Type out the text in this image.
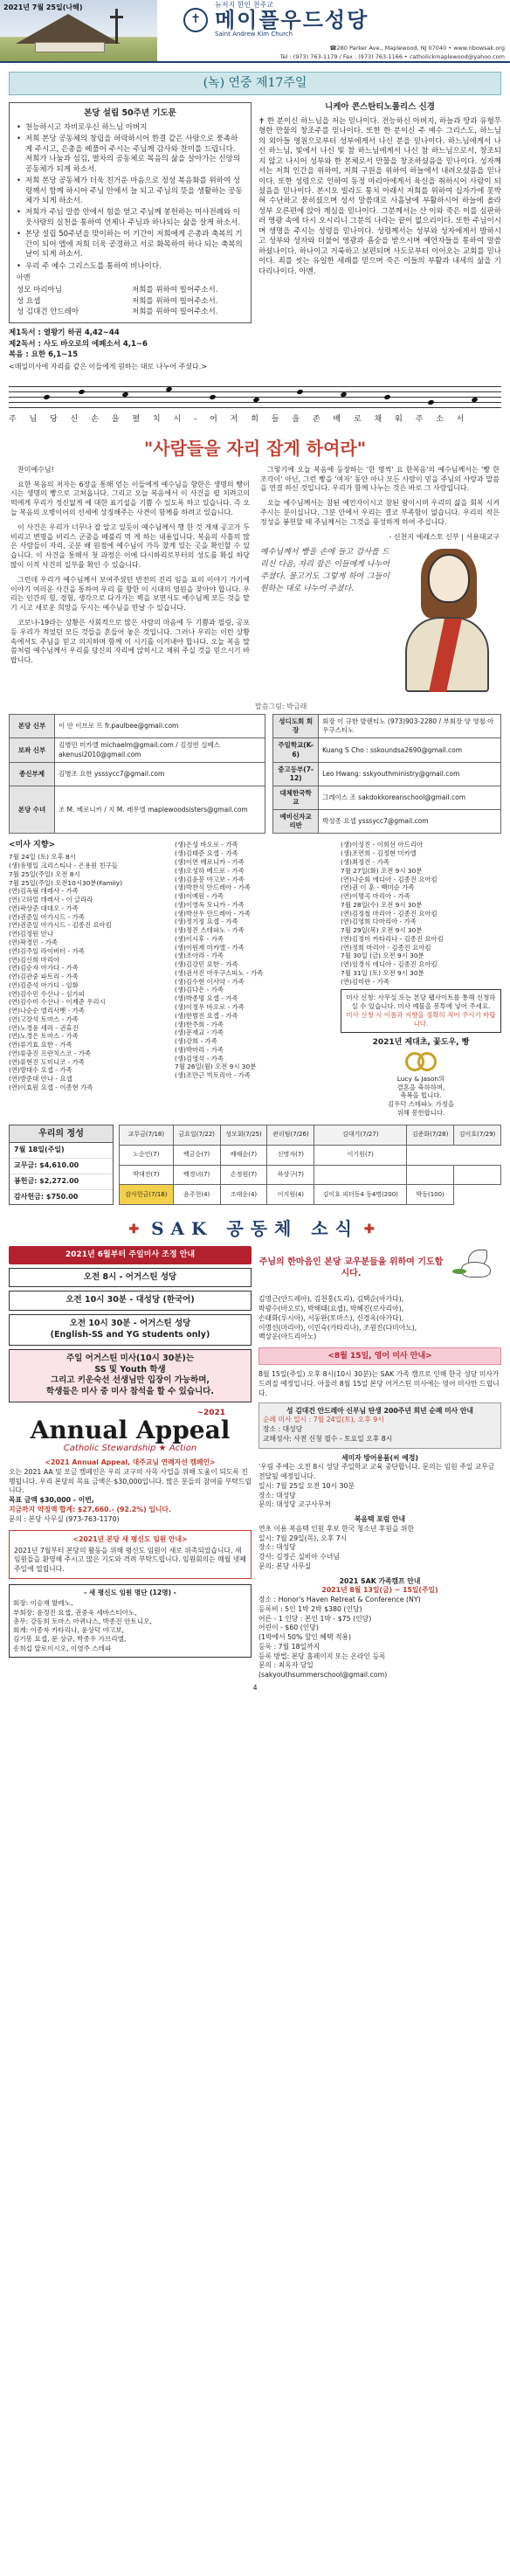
2021년 7월 25일(나해)
✝
뉴저지 한인 천주교
메이플우드성당
Saint Andrew Kim Church
☎280 Parker Ave., Maplewood, NJ 07040 • www.nbowsak.org
Tel : (973) 763-1179 / Fax : (973) 763-1166 • catholickmaplewood@yahoo.com
(녹) 연중 제17주일
본당 설립 50주년 기도문
• 천능하시고 자비로우신 하느님 아버지
• 저희 본당 공동체의 창립을 허락하시어 한결 같은 사랑으로 풍족하게 주시고, 은총을 베풀어 주시는 주님께 감사와 찬미를 드립니다. 저희가 나눔과 섬김, 열차의 공동체로 복음의 삶을 살아가는 신앙의 공동체가 되게 하소서.
• 저희 본당 공동체가 더욱 친거운 마음으로 정성 복음화를 위하여 성령께서 함께 하시어 주님 안에서 늘 되고 주님의 뜻을 생활하는 공동체가 되게 하소서.
• 저희가 주님 말씀 안에서 힘을 얻고 주님께 봉헌하는 미사전례와 이웃사랑의 실천을 통하여 언제나 주님과 하나되는 삶을 살게 하소서.
• 본당 설립 50주년을 맞이하는 이 기간이 저희에게 은총과 축복의 기간이 되어 앱에 저희 더욱 공경하고 서로 화목하여 하나 되는 축복의 날이 되게 하소서.
• 우리 주 예수 그리스도를 통하여 비나이다.
아멘
성모 마리아님	저희를 위하여 빌어주소서.
성 요셉	저희를 위하여 빌어주소서.
성 김대건 안드레아	저희를 위하여 빌어주소서.
제1독서 : 열왕기 하권 4,42~44
제2독서 : 사도 바오로의 에페소서 4,1~6
복음 : 요한 6,1~15
<매일미사에 자리를 같은 이들에게 원하는 대로 나누어 주셨다.>
니케아 콘스탄티노폴리스 신경
✝ 한 분이신 하느님을 저는 믿나이다. 전능하신 아버지, 하늘과 땅과 유형무형한 만물의 창조주를 믿나이다. 또한 한 분이신 주 예수 그리스도, 하느님의 외아들 영원으로부터 성부에게서 나신 분을 믿나이다. 하느님에게서 나신 하느님, 빛에서 나신 빛 참 하느님에게서 나신 참 하느님으로서, 창조되지 않고 나시어 성부와 한 본체로서 만물을 창조하셨음을 믿나이다. 성자께서는 저희 인간을 위하여, 저희 구원을 위하여 하늘에서 내려오셨음을 믿나이다. 또한 성령으로 인하여 동정 마리아에게서 육신을 취하시어 사람이 되셨음을 믿나이다. 본시오 빌라도 통치 아래서 저희를 위하여 십자가에 못박혀 수난하고 묻히셨으며 성서 말씀대로 사흘날에 부활하시어 하늘에 올라 성부 오른편에 앉아 계심을 믿나이다. 그분께서는 산 이와 죽은 이를 심판하러 영광 속에 다시 오시리니 그분의 나라는 끝이 없으리이다. 또한 주님이시며 생명을 주시는 성령을 믿나이다. 성령께서는 성부와 성자에게서 발하시고 성부와 성자와 더불어 영광과 흠숭을 받으시며 예언자들을 통하여 말씀하셨나이다. 하나이고 거룩하고 보편되며 사도로부터 이어오는 교회를 믿나이다. 죄를 씻는 유일한 세례를 믿으며 죽은 이들의 부활과 내세의 삶을 기다리나이다. 아멘.
주 님 당 신 손 을 펼 치 시 - 어 저 희 들 을 존 배 로 채 워 주 소 서
"사람들을 자리 잡게 하여라"

찬미예수님!

요한 복음의 저자는 6장을 통해 얻는 이들에게 예수님을 향한은 생명의 빵이시는 생명의 빵으로 고쳐옵니다. 그리고 오늘 복음에서 이 사건을 펼 치려고의 떡에게 무리가 정신없게 예 대한 표기설을 기쁨 수 있도록 하고 있습니다. 즉 오늘 복음의 오병이어의 선세에 상징해주는 사견이 함께를 하려고 있습니다.

이 사건은 우리가 너무나 잘 알고 있듯이 예수님께서 행 한 것 게채 공고가 두 비리고 변명을 비리스 군중을 배불리 먹 게 하는 내용입니다. 복음의 사흘의 많은 사람들이 자리, 곳분 배 원점에 예수님이 가득 찼계 있는 곳을 확인할 수 있습니다. 이 사건을 통해서 첫 과정은 이에 다시하리로부터의 성도를 확실 하당 많이 이적 사건의 일부를 확인 수 있습니다.

그런데 우리가 예수님께서 보여주셨던 반전의 진리 임을 표의 이야기 가기에 이야기 여러운 사건을 통하여 우리 를 향한 이 시대의 영원을 찾아야 합니다. 우리는 인간의 힘, 경험, 생각으로 다가가는 벽을 보면서도 예수님께 모든 것을 맡기 시고 새로운 희망을 두시는 예수님을 만날 수 있습니다.

코로나-19라는 상황은 사회적으로 많은 사람의 마음에 두 기쁨과 필링, 공포 등 우리가 적었던 모든 것들을 흔들어 놓은 것입니다. 그러나 우리는 이런 상황 속에서도 주님을 믿고 의지하며 함께 이 시기를 이겨내야 합니다. 오늘 복음 말씀처럼 예수님께서 우리를 당신의 자리에 앉히시고 채워 주실 것을 믿으시기 바랍니다.

그렇기에 오늘 복음에 등장하는 '한 명씩' 요 한복음'의 예수님께서는 '빵 한 조각이' 아닌, 그런 빵을 '여자' 동안 아니 모든 사람이 믿을 주님의 사랑과 말씀을 연결 하신 것입니다. 우리가 함께 나누는 것은 바로 그 사랑입니다.

오늘 예수님께서는 참된 예언자이시고 참된 왕이시며 우리의 삶을 회복 시켜주시는 분이십니다. 그분 안에서 우리는 결코 부족함이 없습니다. 우리의 작은 정성을 봉헌할 때 주님께서는 그것을 풍성하게 하여 주십니다.

- 신천지 에레스토 신부 | 서용대교구
예수님께서 빵을 손에 들고 감사를 드리신 다음, 자리 잡은 이들에게 나누어 주셨다. 물고기도 그렇게 하여 그들이 원하는 대로 나누어 주셨다.
말씀그림: 박금래
본당 신부	이 안 이브로 프 fr.paulbee@gmail.com		성디도회 회장	회장 이 규한 발렌티노 (973)903-2280 / 부회장 양 영철 아우구스티노
보좌 신부	김병민 미카엘 michaelm@gmail.com / 김정빈 실베스 akenusi2010@gmail.com		주일학교(K-6)	Kuang S Cho : sskoundsa2690@gmail.com
종신부제	김병조 요한 ysssycc7@gmail.com		중고등부(7-12)	Leo Hwang: sskyouthministry@gmail.com
본당 수녀	조 M. 베로니카 / 지 M. 레무엘 maplewoodsisters@gmail.com		대체한국학교	그레이스 조 sakdokkoreanschool@gmail.com
			예비신자교리반	박성종 요셉 ysssycc7@gmail.com
<미사 지향>
7월 24일 (토) 오후 8시
(생)유명일 크리스티나 - 은용원 친구들
7월 25일(주일) 오전 8시
7월 25일(주일) 오전10시30분(Family)
(연)김옥림 데레사 - 가족
(연)고하얼 데레사 - 이 글라라
(연)곽상준 대대오 - 가족
(연)권준일 아가시드 - 가족
(연)권준일 아가시드 - 김종진 요아킴
(연)김정원 안나
(연)곽경민 - 가족
(연)김주일 라이버터 - 가족
(연)김신희 마리아
(연)김순자 아가다 - 가족
(연)김관중 파트리 - 가족
(연)김준석 아가디 - 임화
(연)김수민 수산나 - 심가피
(연)김수미 수산나 - 이제준 우리시
(연)나순순 엘리사벳 - 가족
(연)고장석 토마스 - 가족
(연)노경윤 세라 - 권휴진
(연)노경은 토마스 - 가족
(연)류기효 요한 - 가족
(연)류충진 프란치스코 - 가족
(연)류현진 도미니코 - 가족
(연)방대수 요셉 - 가족
(연)방준대 안나 - 요셉
(연)이효원 요셉 - 이종현 가족
(생)은성 바오로 - 가족
(생)김태준 요셉 - 가족
(생)이연 베로니카 - 가족
(생)오성하 베드로 - 가족
(생)김윤봉 야고보 - 가족
(생)박찬식 안드레아 - 가족
(생)이예원 - 가족
(생)이영옥 모니카 - 가족
(생)박선우 안드레아 - 가족
(생)정기정 요셉 - 가족
(생)정진 스테파노 - 가족
(생)이시후 - 가족
(생)이원재 미카엘 - 가족
(생)조아라 - 가족
(생)김강민 요한 - 가족
(생)권서진 아우구스띠노 - 가족
(생)김수현 이사악 - 가족
(생)김다은 - 가족
(생)박종명 요셉 - 가족
(생)이정우 바오로 - 가족
(생)한범진 요셉 - 가족
(생)한주희 - 가족
(생)문재교 - 가족
(생)강희 - 가족
(생)박마리 - 가족
(생)김영석 - 가족
7월 26일(월) 오전 9시 30분
(생)조만근 빅토리아 - 가족
(생)이성진 - 이희선 아드리아
(생)조연희 - 김정현 미카엘
(생)최정건 - 가족
7월 27일(화) 오전 9시 30분
(연)나순회 에디아 - 김종진 요아킴
(연)권 이 훈 - 백미순 가족
(연)이명곡 마리아 - 가족
7월 28일(수) 오전 9시 30분
(연)김정철 마리아 - 김종진 요아킴
(연)김영희 다마리아 - 가족
7월 29일(목) 오전 9시 30분
(연)김정미 카타리나 - 김종진 요아킴
(연)정희 마리아 - 김종진 요아킴
7월 30일 (금) 오전 9시 30분
(연)임경식 에디아 - 김종진 요아킴
7월 31일 (토) 오전 9시 30분
(연)김미란 - 가족
미사 신청: 사무실 또는 본당 웹사이트를 통해 신청하실 수 있습니다. 미사 예물을 봉투에 넣어 주세요.
미사 신청 시 이름과 지향을 정확히 적어 주시기 바랍니다.
2021년 제대초, 꽃도우, 빵
Lucy & Jason의
결혼을 축하하며,
축복을 빕니다.
김우덕 스테파노 가정을
위해 봉헌합니다.
우리의 정성
7월 18일(주일)
교무금: $4,610.00
봉헌금: $2,272.00
감사헌금: $750.00
교무금(7/18)	금요일(7/22)	성모회(7/25)	관리팀(7/26)	김대기(7/27)	김준화(7/28)	김이호(7/29)
노순민(7)	백금순(7)	배해순(7)	신명자(7)	이기원(7)		
박대전(7)	백경녀(7)	손정원(7)	하상구(7)			
감사헌금(7/18)	윤주현(4)	조태운(4)	이지원(4)	김이호 피터동4 동4명(200)	박동(100)	
✚ SAK 공동체 소식 ✚
2021년 6월부터 주일미사 조정 안내
오전 8시 - 어거스틴 성당
오전 10시 30분 - 대성당 (한국어)
오전 10시 30분 - 어거스틴 성당
(English-SS and YG students only)
주일 어거스틴 미사(10시 30분)는
SS 및 Youth 학생
그리고 키운숙선 선생님만 입장이 가능하며,
학생들은 미사 중 미사 참석을 할 수 있습니다.
~2021
Annual Appeal
Catholic Stewardship ★ Action
<2021 Annual Appeal, 대주교님 연례자선 캠페인>
오는 2021 AA 및 모금 캠페인은 우리 교구의 사목 사업을 위해 도움이 되도록 진행됩니다. 우리 본당의 목표 금액은 $30,000입니다. 많은 분들의 참여를 부탁드립니다.
목표 금액 $30,000 - 이번,
지금까지 약정액 합계: $27,660.- (92.2%) 입니다.
문의 : 본당 사무실 (973-763-1170)
<2021년 본당 새 평신도 임원 안내>
2021년 7월부터 본당의 활동을 위해 평신도 임원이 새로 위촉되었습니다. 새 임원들을 환영해 주시고 많은 기도와 격려 부탁드립니다. 임원회의는 매월 넷째 주일에 열립니다.
- 새 평신도 임원 명단 (12명) -
회장: 이승재 발레노,
부회장: 윤정진 요셉, 권중욱 세바스티아노,
총무: 강동희 토마스 아퀴나스, 박종진 안토니오,
회계: 이종자 카타리나, 윤상덕 야고보,
김기봉 요셉, 문 상규, 박종우 가브리엘,
송희섭 알로이시오, 이영주 스테파
주님의 한마음인 본당 교우분들을 위하여 기도합시다.
김명근(안드레아), 김천홍(도리), 김택순(아가다),
박광수(바오로), 박해태(요셉), 박혜진(로사리아),
손태화(루시아), 서동완(토마스), 신경옥(아가다),
이명선(마리아), 이민숙(카타리나), 조원진(다미아노),
백상운(아드리아노)
<8월 15일, 영어 미사 안내>
8월 15일(주일) 오후 8시(10시 30분)는 SAK 가족 캠프로 인해 한국 성당 미사가 드려질 예정입니다. 아울러 8월 15일 본당 어거스틴 미사에는 영어 미사만 드립니다.
성 김대건 안드레아 신부님 탄생 200주년 희년 순례 미사 안내
순례 미사 일시 : 7월 24일(토), 오후 9시
장소 : 대성당
교해성사: 사전 신청 필수 - 토요일 오후 8시
세미자 방어용품(씨 예정)
'우림 주에는 오전 8시 성당 주일학교 교육 중단합니다. 문의는 임원 주일 교무금 전달될 예정입니다.
일시: 7월 25일 오전 10시 30분
장소: 대성당
문의: 대성당 교구사무처
복음텍 포럼 안내
연초 이용 복음텍 인원 후보 한국 청소년 후원을 위한
일시: 7월 29일(목), 오후 7시
장소: 대성당
강사: 김정곤 실비아 수녀님
문의: 본당 사무실
2021 SAK 가족캠프 안내
2021년 8월 13일(금) ~ 15일(주일)
장소 : Honor's Haven Retreat & Conference (NY)
등록비 : 5인 1박 2박 $380 (인당)
어른 - 1 인당 : 본인 1박 - $75 (인당)
어린이 - $60 (인당)
(1박에서 50% 할인 혜택 적용)
등록 : 7월 18일까지
등록 방법: 본당 홈페이지 또는 온라인 등록
문의 : 최옥자 당일
(sakyouthsummerschool@gmail.com)
4
